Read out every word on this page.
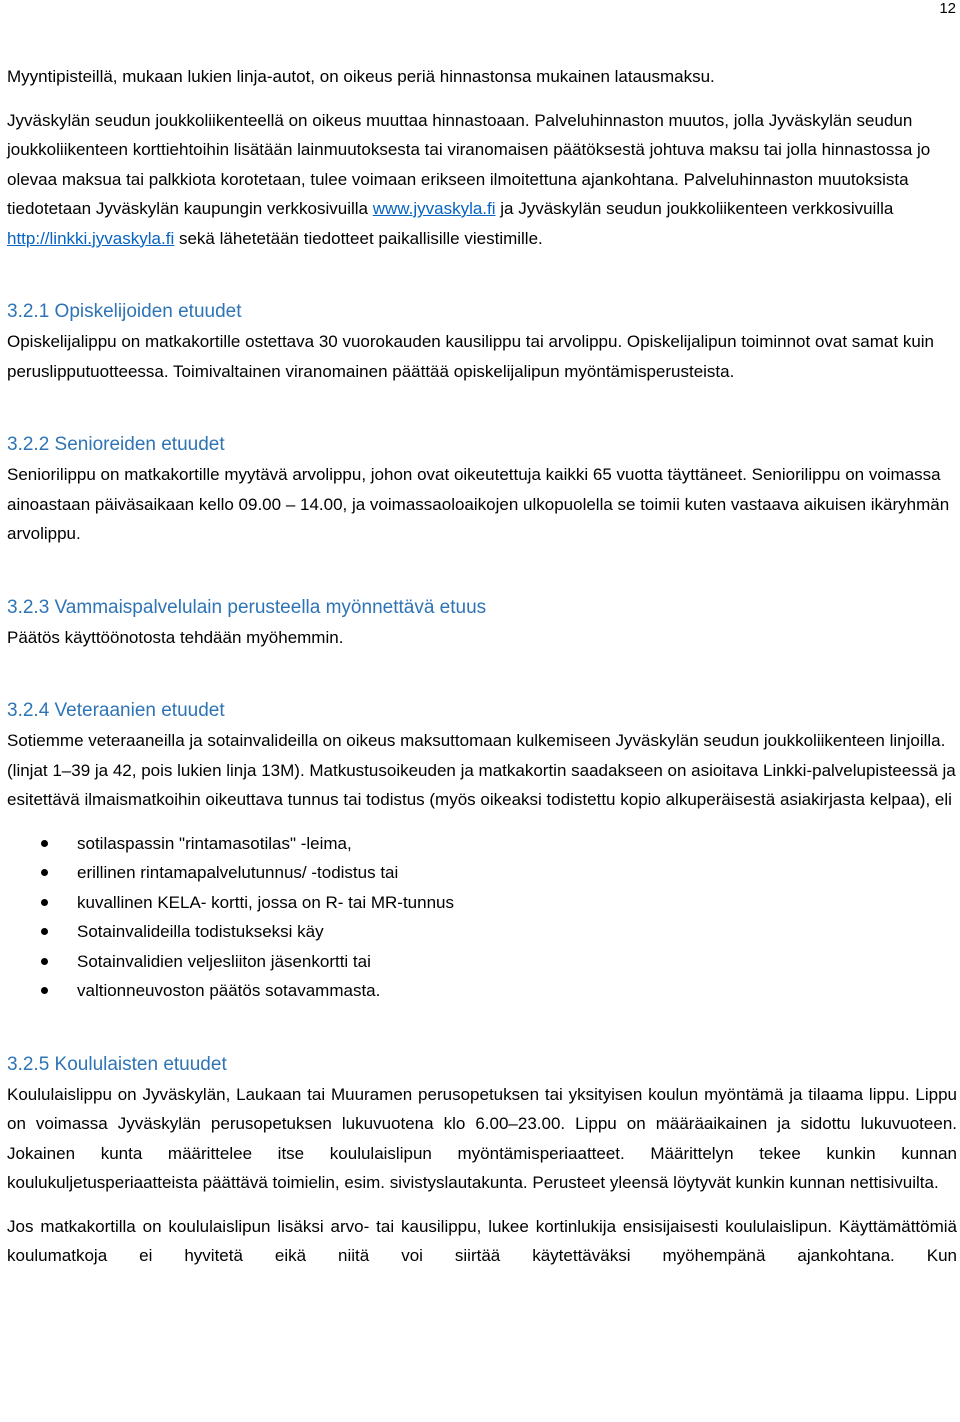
12

Myyntipisteillä, mukaan lukien linja-autot, on oikeus periä hinnastonsa mukainen latausmaksu.

Jyväskylän seudun joukkoliikenteellä on oikeus muuttaa hinnastoaan. Palveluhinnaston muutos, jolla Jyväskylän seudun joukkoliikenteen korttiehtoihin lisätään lainmuutoksesta tai viranomaisen päätöksestä johtuva maksu tai jolla hinnastossa jo olevaa maksua tai palkkiota korotetaan, tulee voimaan erikseen ilmoitettuna ajankohtana. Palveluhinnaston muutoksista tiedotetaan Jyväskylän kaupungin verkkosivuilla www.jyvaskyla.fi ja Jyväskylän seudun joukkoliikenteen verkkosivuilla http://linkki.jyvaskyla.fi sekä lähetetään tiedotteet paikallisille viestimille.

3.2.1 Opiskelijoiden etuudet

Opiskelijalippu on matkakortille ostettava 30 vuorokauden kausilippu tai arvolippu. Opiskelijalipun toiminnot ovat samat kuin peruslipputuotteessa. Toimivaltainen viranomainen päättää opiskelijalipun myöntämisperusteista.

3.2.2 Senioreiden etuudet

Seniorilippu on matkakortille myytävä arvolippu, johon ovat oikeutettuja kaikki 65 vuotta täyttäneet. Seniorilippu on voimassa ainoastaan päiväsaikaan kello 09.00 – 14.00, ja voimassaoloaikojen ulkopuolella se toimii kuten vastaava aikuisen ikäryhmän arvolippu.

3.2.3 Vammaispalvelulain perusteella myönnettävä etuus

Päätös käyttöönotosta tehdään myöhemmin.

3.2.4 Veteraanien etuudet

Sotiemme veteraaneilla ja sotainvalideilla on oikeus maksuttomaan kulkemiseen Jyväskylän seudun joukkoliikenteen linjoilla. (linjat 1–39 ja 42, pois lukien linja 13M). Matkustusoikeuden ja matkakortin saadakseen on asioitava Linkki-palvelupisteessä ja esitettävä ilmaismatkoihin oikeuttava tunnus tai todistus (myös oikeaksi todistettu kopio alkuperäisestä asiakirjasta kelpaa), eli

sotilaspassin "rintamasotilas" -leima,
erillinen rintamapalvelutunnus/ -todistus tai
kuvallinen KELA- kortti, jossa on R- tai MR-tunnus
Sotainvalideilla todistukseksi käy
Sotainvalidien veljesliiton jäsenkortti tai
valtionneuvoston päätös sotavammasta.
3.2.5 Koululaisten etuudet

Koululaislippu on Jyväskylän, Laukaan tai Muuramen perusopetuksen tai yksityisen koulun myöntämä ja tilaama lippu. Lippu on voimassa Jyväskylän perusopetuksen lukuvuotena klo 6.00–23.00. Lippu on määräaikainen ja sidottu lukuvuoteen. Jokainen kunta määrittelee itse koululaislipun myöntämisperiaatteet. Määrittelyn tekee kunkin kunnan koulukuljetusperiaatteista päättävä toimielin, esim. sivistyslautakunta. Perusteet yleensä löytyvät kunkin kunnan nettisivuilta.

Jos matkakortilla on koululaislipun lisäksi arvo- tai kausilippu, lukee kortinlukija ensisijaisesti koululaislipun. Käyttämättömiä koulumatkoja ei hyvitetä eikä niitä voi siirtää käytettäväksi myöhempänä ajankohtana. Kun
